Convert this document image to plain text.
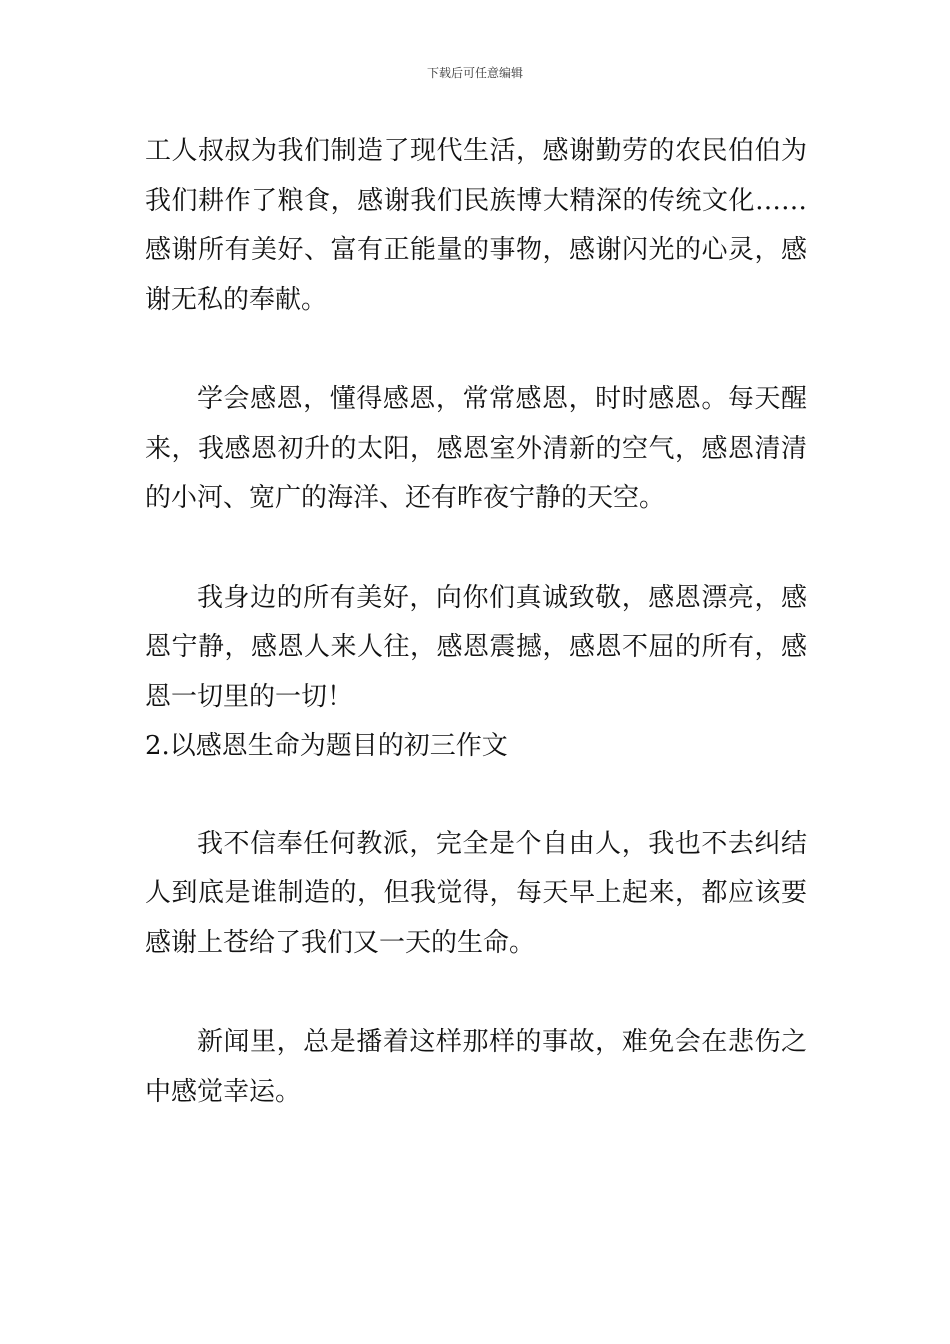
下载后可任意编辑

工人叔叔为我们制造了现代生活，感谢勤劳的农民伯伯为我们耕作了粮食，感谢我们民族博大精深的传统文化……感谢所有美好、富有正能量的事物，感谢闪光的心灵，感谢无私的奉献。

学会感恩，懂得感恩，常常感恩，时时感恩。每天醒来，我感恩初升的太阳，感恩室外清新的空气，感恩清清的小河、宽广的海洋、还有昨夜宁静的天空。

我身边的所有美好，向你们真诚致敬，感恩漂亮，感恩宁静，感恩人来人往，感恩震撼，感恩不屈的所有，感恩一切里的一切！

2.以感恩生命为题目的初三作文

我不信奉任何教派，完全是个自由人，我也不去纠结人到底是谁制造的，但我觉得，每天早上起来，都应该要感谢上苍给了我们又一天的生命。

新闻里，总是播着这样那样的事故，难免会在悲伤之中感觉幸运。
